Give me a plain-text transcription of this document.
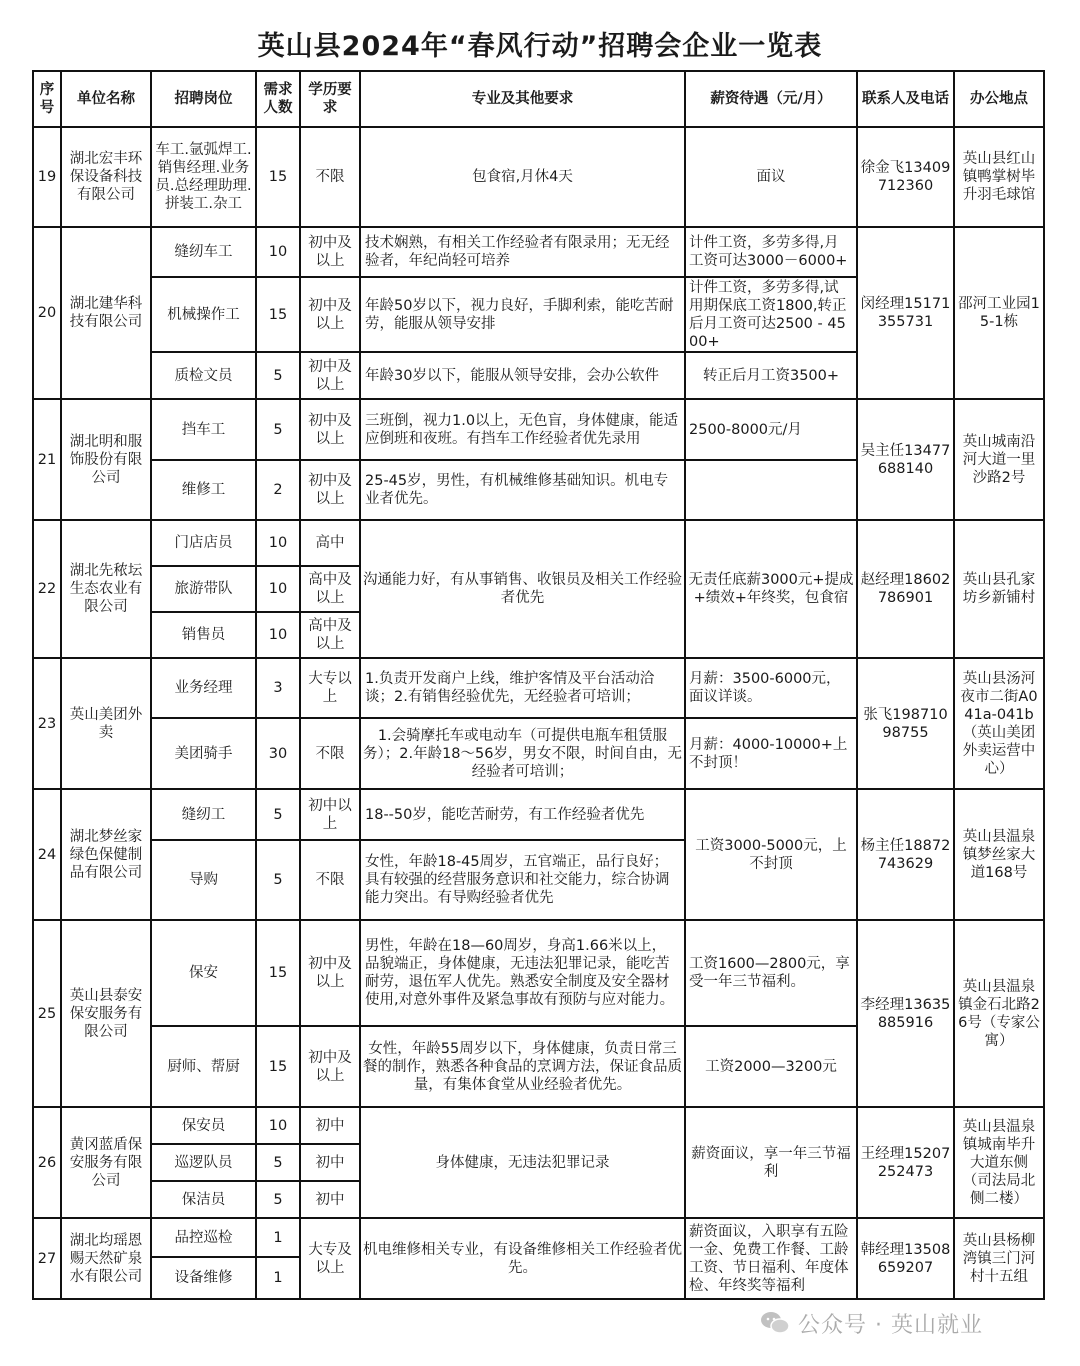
英山县2024年“春风行动”招聘会企业一览表
序号	单位名称	招聘岗位	需求人数	学历要求	专业及其他要求	薪资待遇（元/月）	联系人及电话	办公地点
19	湖北宏丰环保设备科技有限公司	车工.氩弧焊工.销售经理.业务员.总经理助理.拼装工.杂工	15	不限	包食宿,月休4天	面议	徐金飞13409712360	英山县红山镇鸭掌树毕升羽毛球馆
20	湖北建华科技有限公司	缝纫车工	10	初中及以上	技术娴熟，有相关工作经验者有限录用；无无经验者，年纪尚轻可培养	计件工资，多劳多得,月工资可达3000－6000+	闵经理15171355731	邵河工业园15-1栋
		机械操作工	15	初中及以上	年龄50岁以下，视力良好，手脚利索，能吃苦耐劳，能服从领导安排	计件工资，多劳多得,试用期保底工资1800,转正后月工资可达2500 - 4500+		
		质检文员	5	初中及以上	年龄30岁以下，能服从领导安排，会办公软件	转正后月工资3500+		
21	湖北明和服饰股份有限公司	挡车工	5	初中及以上	三班倒，视力1.0以上，无色盲，身体健康，能适应倒班和夜班。有挡车工作经验者优先录用	2500-8000元/月	吴主任13477688140	英山城南沿河大道一里沙路2号
		维修工	2	初中及以上	25-45岁，男性，有机械维修基础知识。机电专业者优先。			
22	湖北先秾坛生态农业有限公司	门店店员	10	高中	沟通能力好，有从事销售、收银员及相关工作经验者优先	无责任底薪3000元+提成+绩效+年终奖，包食宿	赵经理18602786901	英山县孔家坊乡新铺村
		旅游带队	10	高中及以上				
		销售员	10	高中及以上				
23	英山美团外卖	业务经理	3	大专以上	1.负责开发商户上线，维护客情及平台活动洽谈；2.有销售经验优先，无经验者可培训；	月薪：3500-6000元，面议详谈。	张飞19871098755	英山县汤河夜市二街A041a-041b（英山美团外卖运营中心）
		美团骑手	30	不限	1.会骑摩托车或电动车（可提供电瓶车租赁服务）；2.年龄18～56岁，男女不限，时间自由，无经验者可培训；	月薪：4000-10000+上不封顶！		
24	湖北梦丝家绿色保健制品有限公司	缝纫工	5	初中以上	18--50岁，能吃苦耐劳，有工作经验者优先	工资3000-5000元，上不封顶	杨主任18872743629	英山县温泉镇梦丝家大道168号
		导购	5	不限	女性，年龄18-45周岁，五官端正，品行良好；具有较强的经营服务意识和社交能力，综合协调能力突出。有导购经验者优先			
25	英山县泰安保安服务有限公司	保安	15	初中及以上	男性，年龄在18—60周岁，身高1.66米以上，品貌端正，身体健康，无违法犯罪记录，能吃苦耐劳，退伍军人优先。熟悉安全制度及安全器材使用,对意外事件及紧急事故有预防与应对能力。	工资1600—2800元，享受一年三节福利。	李经理13635885916	英山县温泉镇金石北路26号（专家公寓）
		厨师、帮厨	15	初中及以上	女性，年龄55周岁以下，身体健康，负责日常三餐的制作，熟悉各种食品的烹调方法，保证食品质量，有集体食堂从业经验者优先。	工资2000—3200元		
26	黄冈蓝盾保安服务有限公司	保安员	10	初中	身体健康，无违法犯罪记录	薪资面议，享一年三节福利	王经理15207252473	英山县温泉镇城南毕升大道东侧（司法局北侧二楼）
		巡逻队员	5	初中				
		保洁员	5	初中				
27	湖北均瑶恩赐天然矿泉水有限公司	品控巡检	1	大专及以上	机电维修相关专业，有设备维修相关工作经验者优先。	薪资面议，入职享有五险一金、免费工作餐、工龄工资、节日福利、年度体检、年终奖等福利	韩经理13508659207	英山县杨柳湾镇三门河村十五组
		设备维修	1					
公众号 · 英山就业
